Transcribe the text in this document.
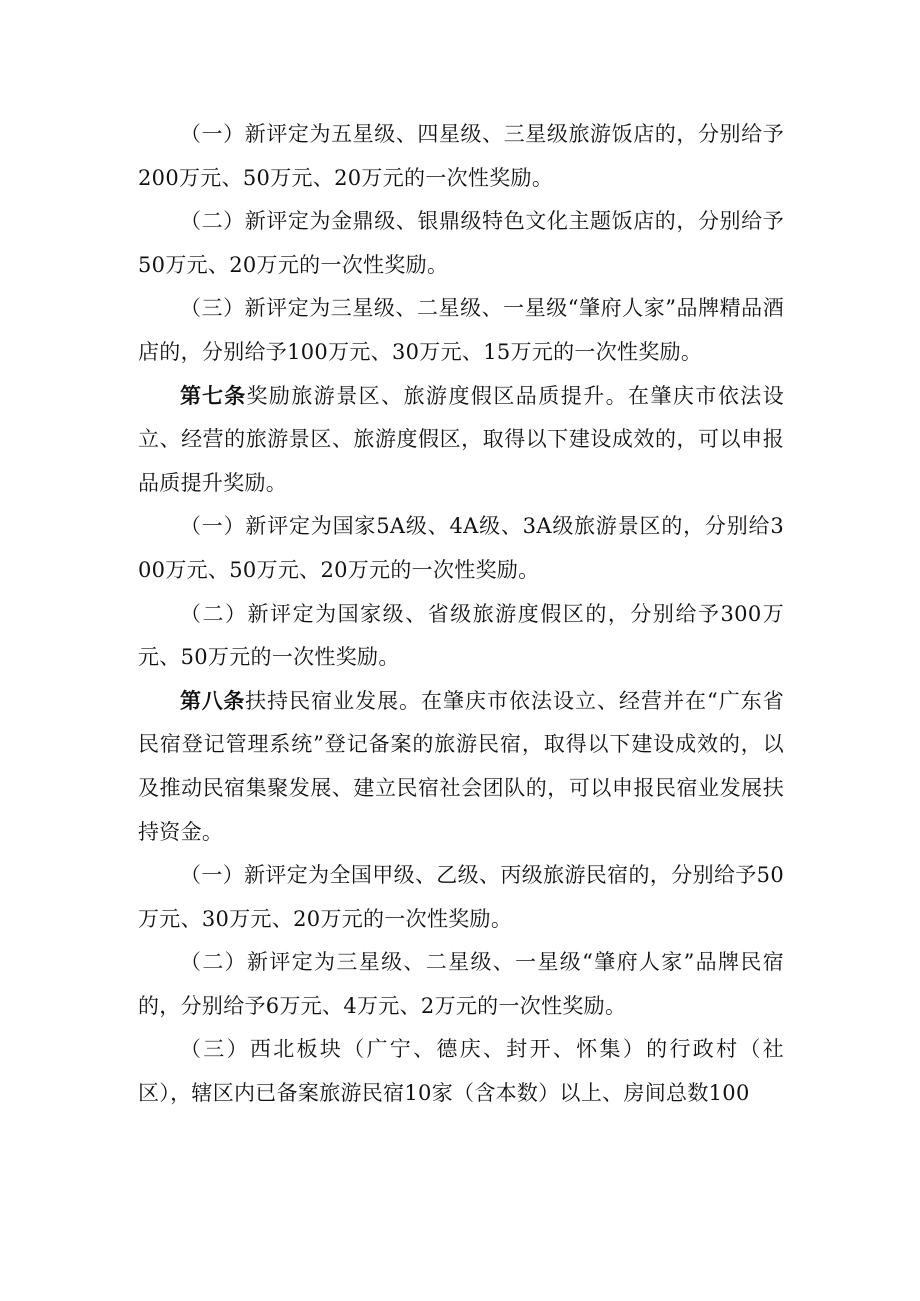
（一）新评定为五星级、四星级、三星级旅游饭店的，分别给予200万元、50万元、20万元的一次性奖励。

（二）新评定为金鼎级、银鼎级特色文化主题饭店的，分别给予50万元、20万元的一次性奖励。

（三）新评定为三星级、二星级、一星级“肇府人家”品牌精品酒店的，分别给予100万元、30万元、15万元的一次性奖励。

第七条奖励旅游景区、旅游度假区品质提升。在肇庆市依法设立、经营的旅游景区、旅游度假区，取得以下建设成效的，可以申报品质提升奖励。

（一）新评定为国家5A级、4A级、3A级旅游景区的，分别给300万元、50万元、20万元的一次性奖励。

（二）新评定为国家级、省级旅游度假区的，分别给予300万元、50万元的一次性奖励。

第八条扶持民宿业发展。在肇庆市依法设立、经营并在“广东省民宿登记管理系统”登记备案的旅游民宿，取得以下建设成效的，以及推动民宿集聚发展、建立民宿社会团队的，可以申报民宿业发展扶持资金。

（一）新评定为全国甲级、乙级、丙级旅游民宿的，分别给予50万元、30万元、20万元的一次性奖励。

（二）新评定为三星级、二星级、一星级“肇府人家”品牌民宿的，分别给予6万元、4万元、2万元的一次性奖励。

（三）西北板块（广宁、德庆、封开、怀集）的行政村（社区），辖区内已备案旅游民宿10家（含本数）以上、房间总数100
